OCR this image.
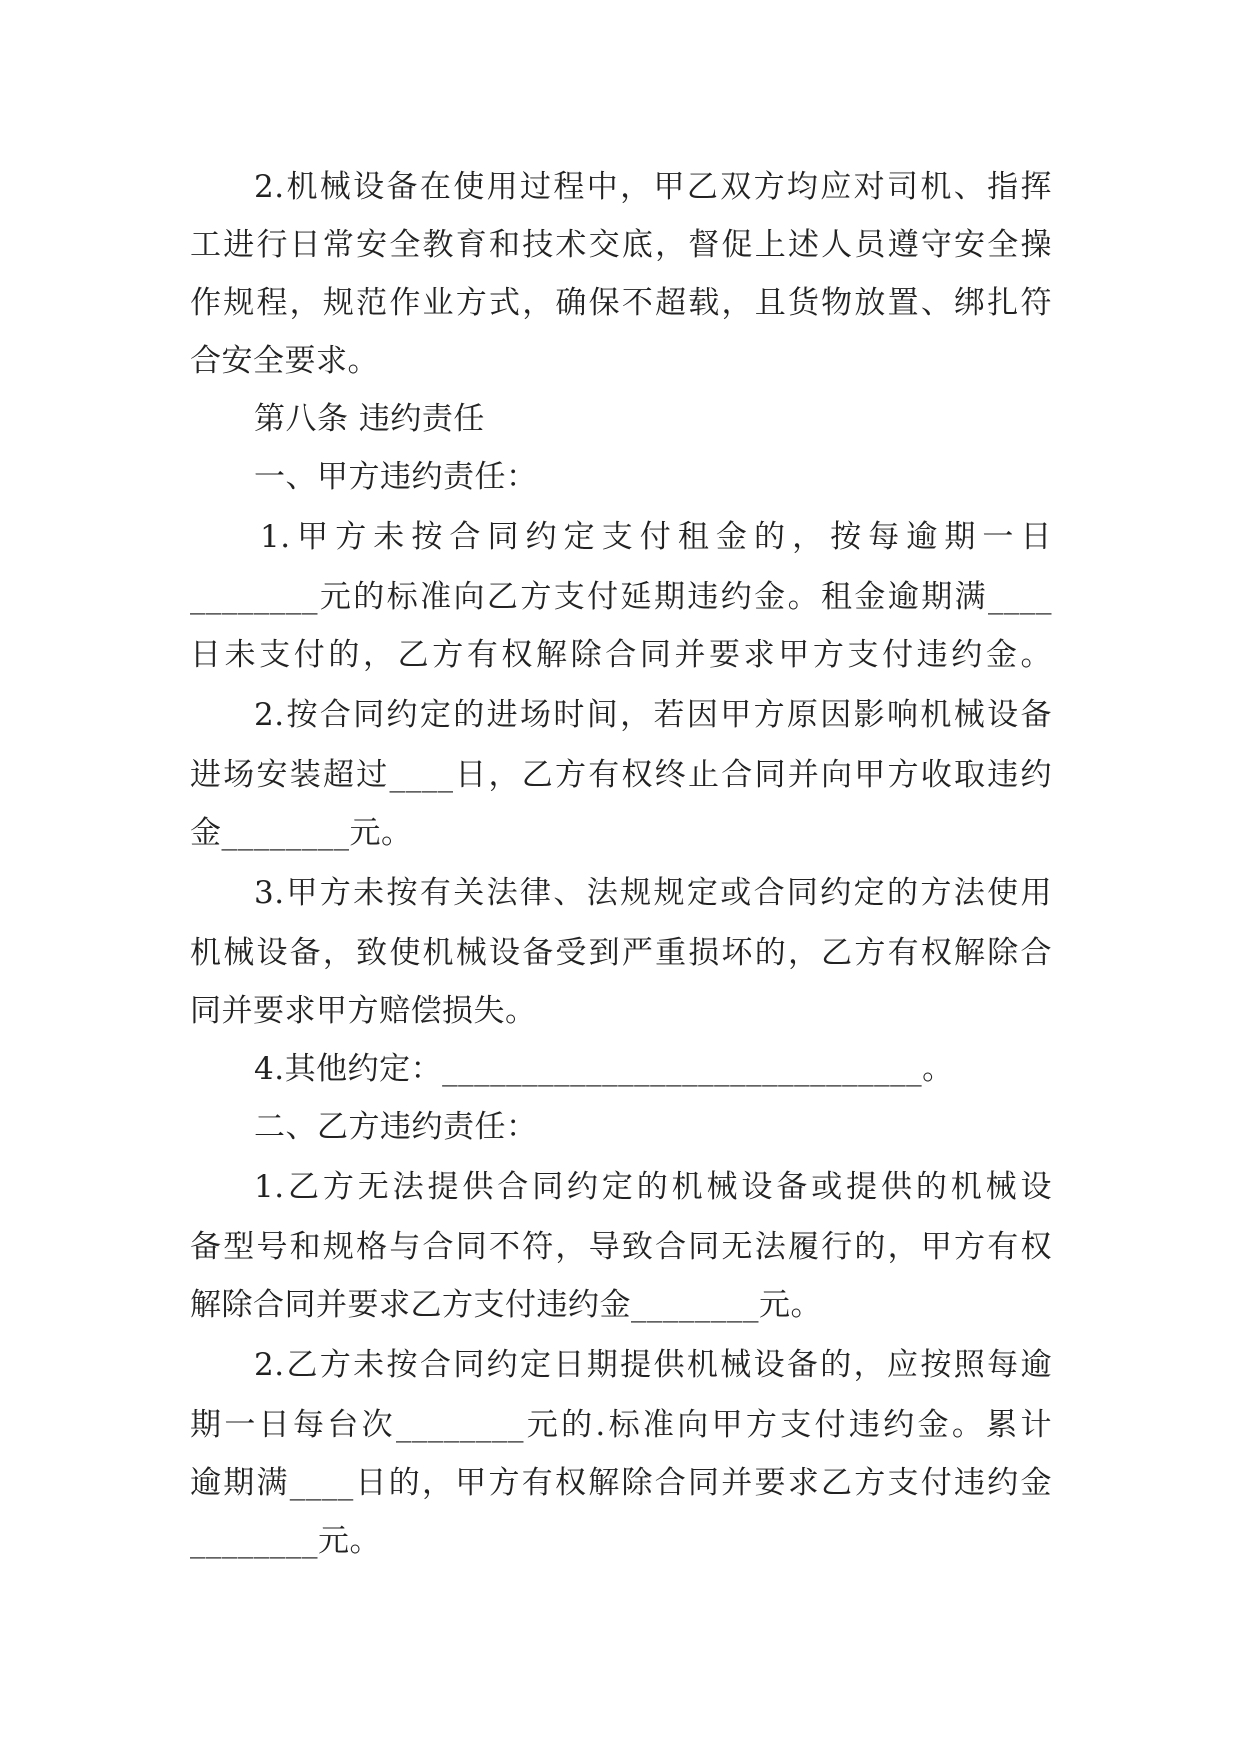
2.机械设备在使用过程中，甲乙双方均应对司机、指挥
工进行日常安全教育和技术交底，督促上述人员遵守安全操
作规程，规范作业方式，确保不超载，且货物放置、绑扎符
合安全要求。
第八条 违约责任
一、甲方违约责任：
1.甲方未按合同约定支付租金的，按每逾期一日
________元的标准向乙方支付延期违约金。租金逾期满____
日未支付的，乙方有权解除合同并要求甲方支付违约金。
2.按合同约定的进场时间，若因甲方原因影响机械设备
进场安装超过____日，乙方有权终止合同并向甲方收取违约
金________元。
3.甲方未按有关法律、法规规定或合同约定的方法使用
机械设备，致使机械设备受到严重损坏的，乙方有权解除合
同并要求甲方赔偿损失。
4.其他约定：______________________________。
二、乙方违约责任：
1.乙方无法提供合同约定的机械设备或提供的机械设
备型号和规格与合同不符，导致合同无法履行的，甲方有权
解除合同并要求乙方支付违约金________元。
2.乙方未按合同约定日期提供机械设备的，应按照每逾
期一日每台次________元的.标准向甲方支付违约金。累计
逾期满____日的，甲方有权解除合同并要求乙方支付违约金
________元。
